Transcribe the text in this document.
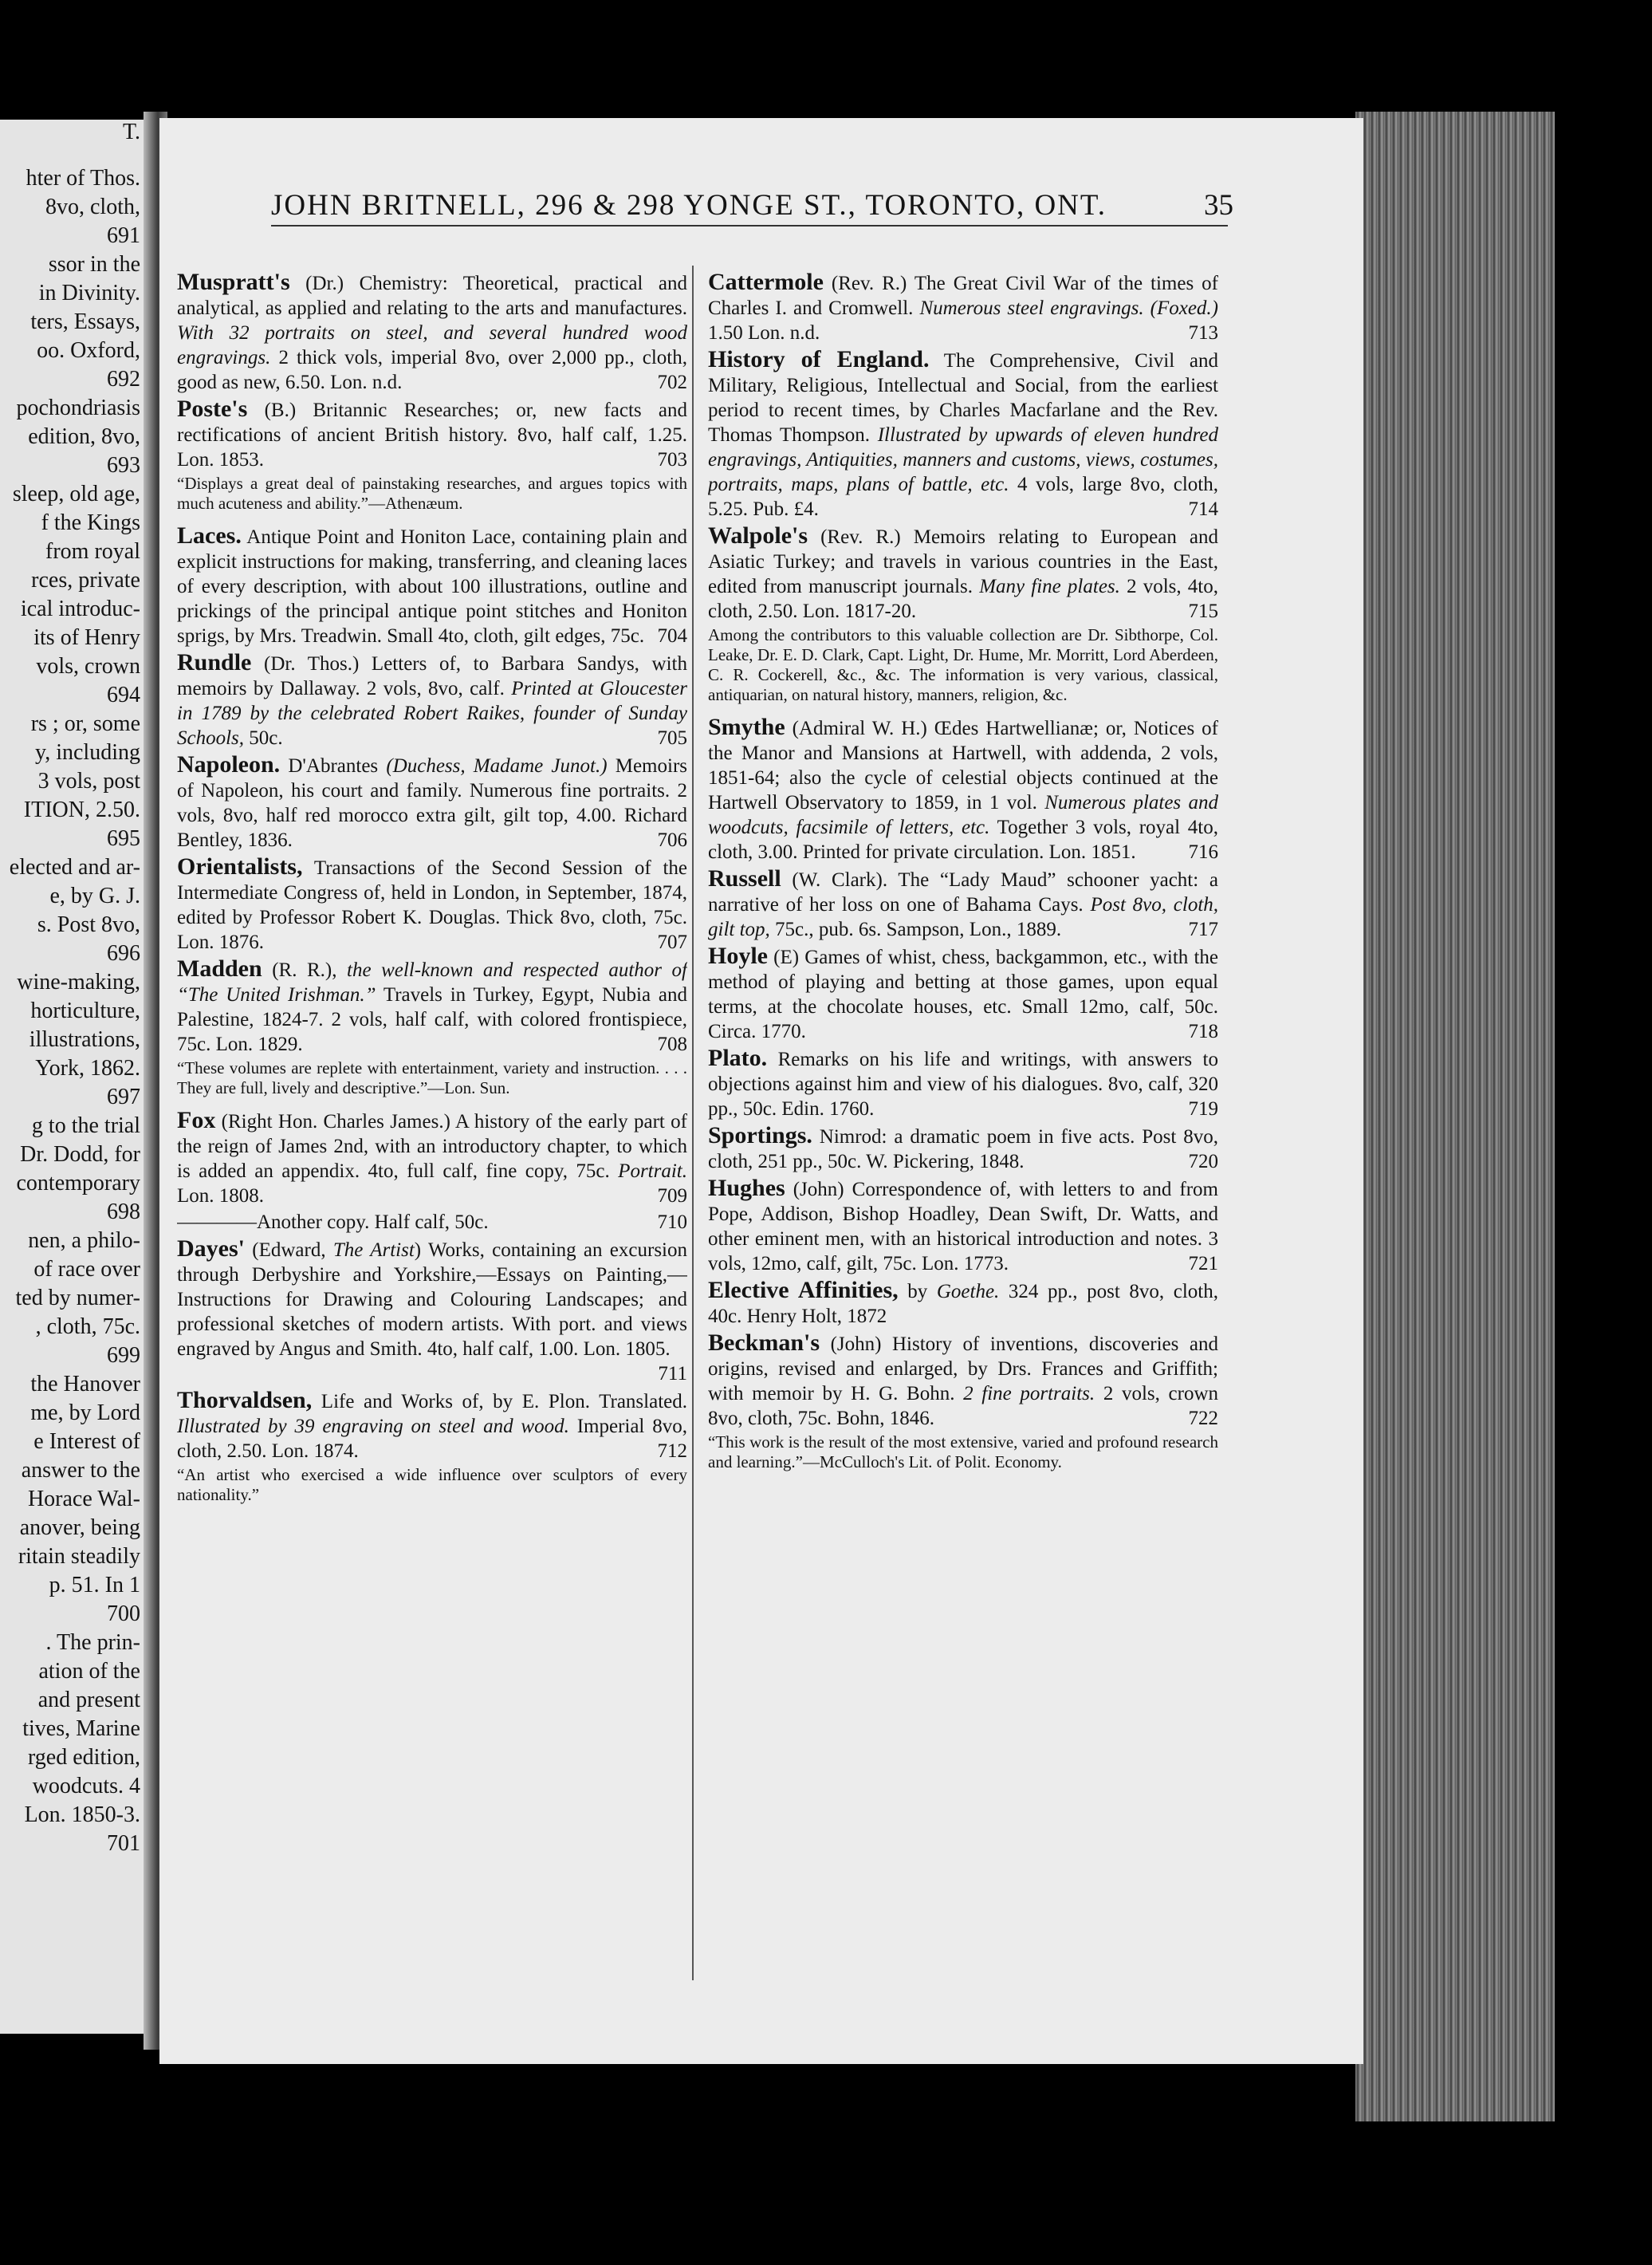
T.
hter of Thos.
8vo, cloth,
691
ssor in the
in Divinity.
ters, Essays,
oo. Oxford,
692
pochondriasis
edition, 8vo,
693
sleep, old age,
f the Kings
from royal
rces, private
ical introduc-
its of Henry
vols, crown
694
rs ; or, some
y, including
3 vols, post
ITION, 2.50.
695
elected and ar-
e, by G. J.
s. Post 8vo,
696
wine-making,
horticulture,
illustrations,
York, 1862.
697
g to the trial
Dr. Dodd, for
contemporary
698
nen, a philo-
of race over
ted by numer-
, cloth, 75c.
699
the Hanover
me, by Lord
e Interest of
answer to the
Horace Wal-
anover, being
ritain steadily
p. 51. In 1
700
. The prin-
ation of the
and present
tives, Marine
rged edition,
woodcuts. 4
Lon. 1850-3.
701
JOHN BRITNELL, 296 & 298 YONGE ST., TORONTO, ONT.	35
Muspratt's (Dr.) Chemistry: Theoretical, practical and analytical, as applied and relating to the arts and manufactures. With 32 portraits on steel, and several hundred wood engravings. 2 thick vols, imperial 8vo, over 2,000 pp., cloth, good as new, 6.50. Lon. n.d.	702
Poste's (B.) Britannic Researches; or, new facts and rectifications of ancient British history. 8vo, half calf, 1.25. Lon. 1853.	703
“Displays a great deal of painstaking researches, and argues topics with much acuteness and ability.”—Athenæum.
Laces. Antique Point and Honiton Lace, containing plain and explicit instructions for making, transferring, and cleaning laces of every description, with about 100 illustrations, outline and prickings of the principal antique point stitches and Honiton sprigs, by Mrs. Treadwin. Small 4to, cloth, gilt edges, 75c. 704
Rundle (Dr. Thos.) Letters of, to Barbara Sandys, with memoirs by Dallaway. 2 vols, 8vo, calf. Printed at Gloucester in 1789 by the celebrated Robert Raikes, founder of Sunday Schools, 50c.	705
Napoleon. D'Abrantes (Duchess, Madame Junot.) Memoirs of Napoleon, his court and family. Numerous fine portraits. 2 vols, 8vo, half red morocco extra gilt, gilt top, 4.00. Richard Bentley, 1836.	706
Orientalists, Transactions of the Second Session of the Intermediate Congress of, held in London, in September, 1874, edited by Professor Robert K. Douglas. Thick 8vo, cloth, 75c. Lon. 1876.	707
Madden (R. R.), the well-known and respected author of “The United Irishman.” Travels in Turkey, Egypt, Nubia and Palestine, 1824-7. 2 vols, half calf, with colored frontispiece, 75c. Lon. 1829.	708
“These volumes are replete with entertainment, variety and instruction. . . . They are full, lively and descriptive.”—Lon. Sun.
Fox (Right Hon. Charles James.) A history of the early part of the reign of James 2nd, with an introductory chapter, to which is added an appendix. 4to, full calf, fine copy, 75c. Portrait. Lon. 1808.	709
————Another copy. Half calf, 50c.	710
Dayes' (Edward, The Artist) Works, containing an excursion through Derbyshire and Yorkshire,—Essays on Painting,—Instructions for Drawing and Colouring Landscapes; and professional sketches of modern artists. With port. and views engraved by Angus and Smith. 4to, half calf, 1.00. Lon. 1805.
711
Thorvaldsen, Life and Works of, by E. Plon. Translated. Illustrated by 39 engraving on steel and wood. Imperial 8vo, cloth, 2.50. Lon. 1874.	712
“An artist who exercised a wide influence over sculptors of every nationality.”
Cattermole (Rev. R.) The Great Civil War of the times of Charles I. and Cromwell. Numerous steel engravings. (Foxed.) 1.50 Lon. n.d.	713
History of England. The Comprehensive, Civil and Military, Religious, Intellectual and Social, from the earliest period to recent times, by Charles Macfarlane and the Rev. Thomas Thompson. Illustrated by upwards of eleven hundred engravings, Antiquities, manners and customs, views, costumes, portraits, maps, plans of battle, etc. 4 vols, large 8vo, cloth, 5.25. Pub. £4.	714
Walpole's (Rev. R.) Memoirs relating to European and Asiatic Turkey; and travels in various countries in the East, edited from manuscript journals. Many fine plates. 2 vols, 4to, cloth, 2.50. Lon. 1817-20.	715
Among the contributors to this valuable collection are Dr. Sibthorpe, Col. Leake, Dr. E. D. Clark, Capt. Light, Dr. Hume, Mr. Morritt, Lord Aberdeen, C. R. Cockerell, &c., &c. The information is very various, classical, antiquarian, on natural history, manners, religion, &c.
Smythe (Admiral W. H.) Œdes Hartwellianæ; or, Notices of the Manor and Mansions at Hartwell, with addenda, 2 vols, 1851-64; also the cycle of celestial objects continued at the Hartwell Observatory to 1859, in 1 vol. Numerous plates and woodcuts, facsimile of letters, etc. Together 3 vols, royal 4to, cloth, 3.00. Printed for private circulation. Lon. 1851.	716
Russell (W. Clark). The “Lady Maud” schooner yacht: a narrative of her loss on one of Bahama Cays. Post 8vo, cloth, gilt top, 75c., pub. 6s. Sampson, Lon., 1889.	717
Hoyle (E) Games of whist, chess, backgammon, etc., with the method of playing and betting at those games, upon equal terms, at the chocolate houses, etc. Small 12mo, calf, 50c. Circa. 1770.	718
Plato. Remarks on his life and writings, with answers to objections against him and view of his dialogues. 8vo, calf, 320 pp., 50c. Edin. 1760.	719
Sportings. Nimrod: a dramatic poem in five acts. Post 8vo, cloth, 251 pp., 50c. W. Pickering, 1848.	720
Hughes (John) Correspondence of, with letters to and from Pope, Addison, Bishop Hoadley, Dean Swift, Dr. Watts, and other eminent men, with an historical introduction and notes. 3 vols, 12mo, calf, gilt, 75c. Lon. 1773.	721
Elective Affinities, by Goethe. 324 pp., post 8vo, cloth, 40c. Henry Holt, 1872
Beckman's (John) History of inventions, discoveries and origins, revised and enlarged, by Drs. Frances and Griffith; with memoir by H. G. Bohn. 2 fine portraits. 2 vols, crown 8vo, cloth, 75c. Bohn, 1846.	722
“This work is the result of the most extensive, varied and profound research and learning.”—McCulloch's Lit. of Polit. Economy.
